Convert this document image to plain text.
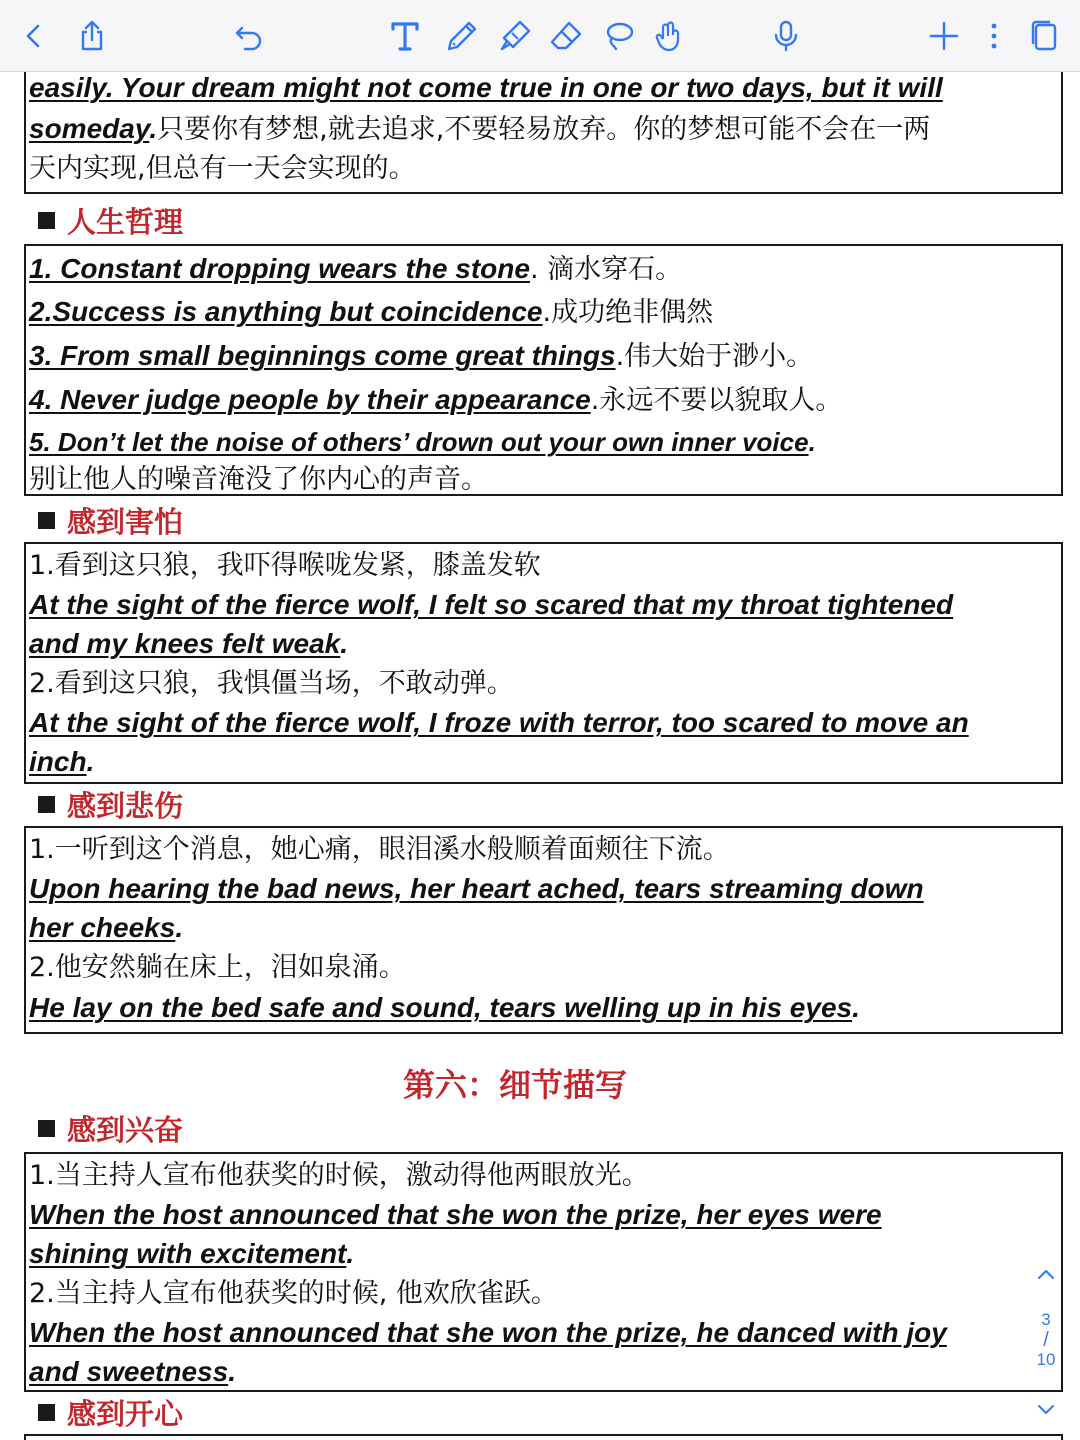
easily. Your dream might not come true in one or two days, but it will
someday.只要你有梦想,就去追求,不要轻易放弃。你的梦想可能不会在一两
天内实现,但总有一天会实现的。
人生哲理
1. Constant dropping wears the stone. 滴水穿石。
2.Success is anything but coincidence.成功绝非偶然
3. From small beginnings come great things.伟大始于渺小。
4. Never judge people by their appearance.永远不要以貌取人。
5. Don’t let the noise of others’ drown out your own inner voice.
别让他人的噪音淹没了你内心的声音。
感到害怕
1.看到这只狼，我吓得喉咙发紧，膝盖发软
At the sight of the fierce wolf, I felt so scared that my throat tightened
and my knees felt weak.
2.看到这只狼，我惧僵当场，不敢动弹。
At the sight of the fierce wolf, I froze with terror, too scared to move an
inch.
感到悲伤
1.一听到这个消息，她心痛，眼泪溪水般顺着面颊往下流。
Upon hearing the bad news, her heart ached, tears streaming down
her cheeks.
2.他安然躺在床上，泪如泉涌。
He lay on the bed safe and sound, tears welling up in his eyes.
第六：细节描写
感到兴奋
1.当主持人宣布他获奖的时候，激动得他两眼放光。
When the host announced that she won the prize, her eyes were
shining with excitement.
2.当主持人宣布他获奖的时候, 他欢欣雀跃。
When the host announced that she won the prize, he danced with joy
and sweetness.
感到开心
3
/
10
